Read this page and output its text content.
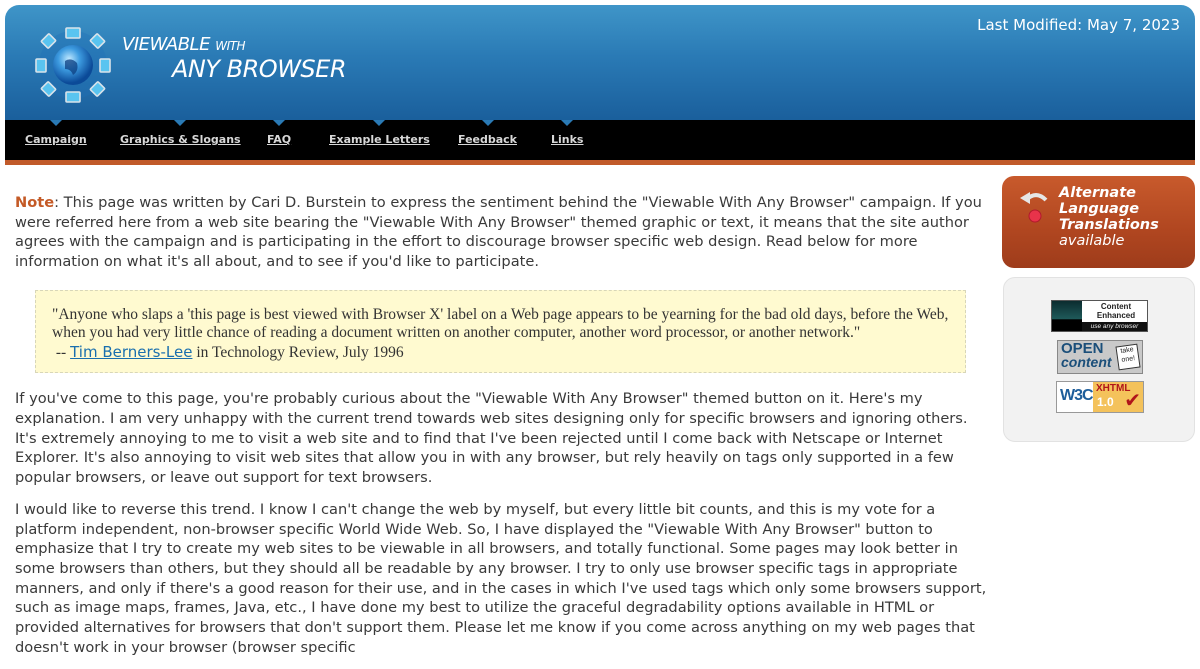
VIEWABLE WITH
ANY BROWSER
Last Modified: May 7, 2023
Campaign	Graphics & Slogans FAQ	Example Letters	Feedback	Links

Note: This page was written by Cari D. Burstein to express the sentiment behind the "Viewable With Any Browser" campaign. If you were referred here from a web site bearing the "Viewable With Any Browser" themed graphic or text, it means that the site author agrees with the campaign and is participating in the effort to discourage browser specific web design. Read below for more information on what it's all about, and to see if you'd like to participate.

"Anyone who slaps a 'this page is best viewed with Browser X' label on a Web page appears to be yearning for the bad old days, before the Web, when you had very little chance of reading a document written on another computer, another word processor, or another network."
-- Tim Berners-Lee in Technology Review, July 1996

If you've come to this page, you're probably curious about the "Viewable With Any Browser" themed button on it. Here's my explanation. I am very unhappy with the current trend towards web sites designing only for specific browsers and ignoring others. It's extremely annoying to me to visit a web site and to find that I've been rejected until I come back with Netscape or Internet Explorer. It's also annoying to visit web sites that allow you in with any browser, but rely heavily on tags only supported in a few popular browsers, or leave out support for text browsers.

I would like to reverse this trend. I know I can't change the web by myself, but every little bit counts, and this is my vote for a platform independent, non-browser specific World Wide Web. So, I have displayed the "Viewable With Any Browser" button to emphasize that I try to create my web sites to be viewable in all browsers, and totally functional. Some pages may look better in some browsers than others, but they should all be readable by any browser. I try to only use browser specific tags in appropriate manners, and only if there's a good reason for their use, and in the cases in which I've used tags which only some browsers support, such as image maps, frames, Java, etc., I have done my best to utilize the graceful degradability options available in HTML or provided alternatives for browsers that don't support them. Please let me know if you come across anything on my web pages that doesn't work in your browser (browser specific

Alternate
Language
Translations
available
Content
Enhanced
use any browser
OPEN
content
take one!
W3C XHTML
1.0 ✔
